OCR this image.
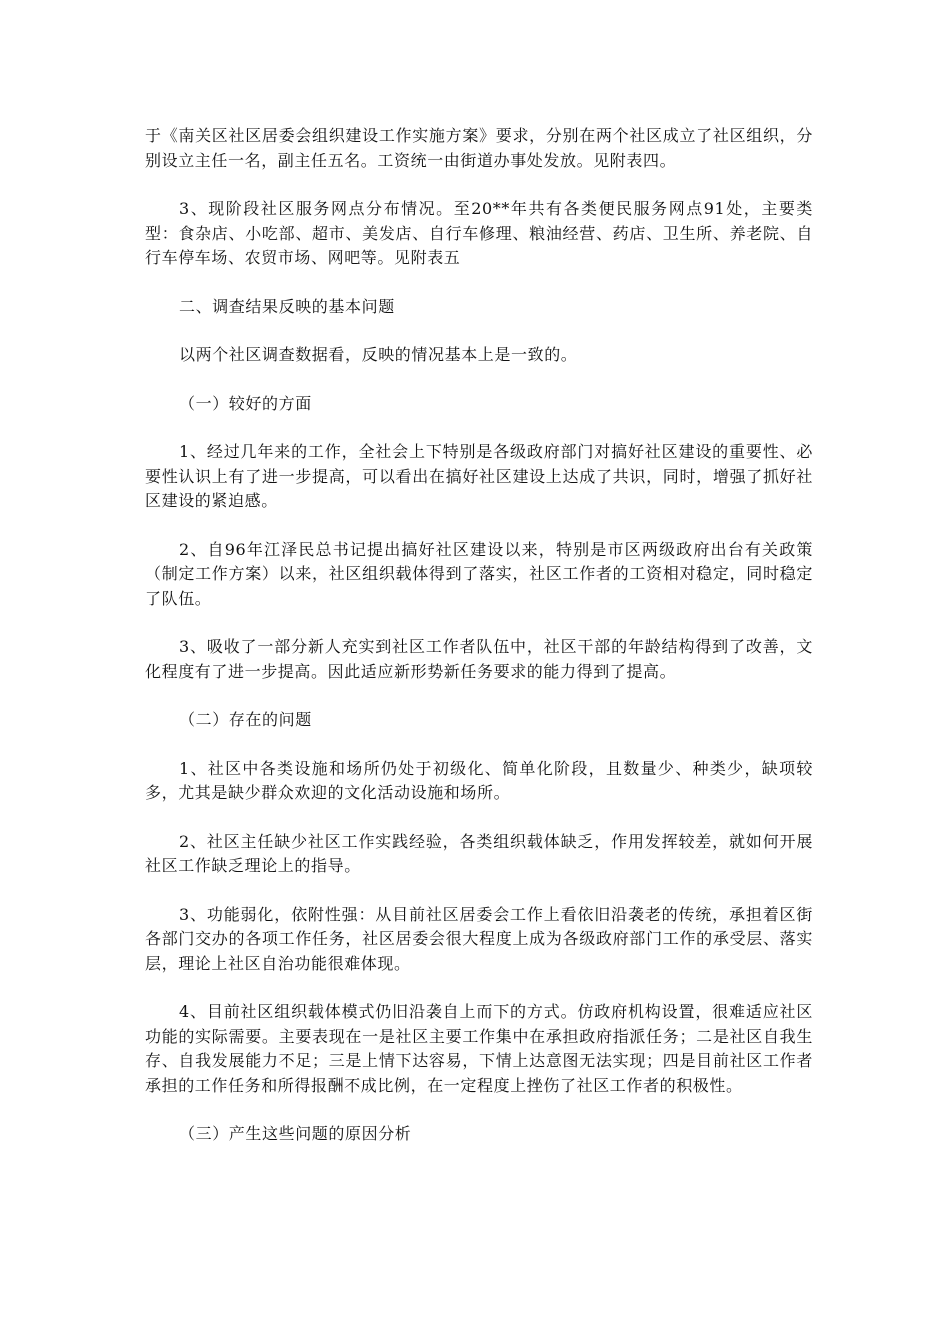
于《南关区社区居委会组织建设工作实施方案》要求，分别在两个社区成立了社区组织，分别设立主任一名，副主任五名。工资统一由街道办事处发放。见附表四。

3、现阶段社区服务网点分布情况。至20**年共有各类便民服务网点91处，主要类型：食杂店、小吃部、超市、美发店、自行车修理、粮油经营、药店、卫生所、养老院、自行车停车场、农贸市场、网吧等。见附表五

二、调查结果反映的基本问题

以两个社区调查数据看，反映的情况基本上是一致的。

（一）较好的方面

1、经过几年来的工作，全社会上下特别是各级政府部门对搞好社区建设的重要性、必要性认识上有了进一步提高，可以看出在搞好社区建设上达成了共识，同时，增强了抓好社区建设的紧迫感。

2、自96年江泽民总书记提出搞好社区建设以来，特别是市区两级政府出台有关政策（制定工作方案）以来，社区组织载体得到了落实，社区工作者的工资相对稳定，同时稳定了队伍。

3、吸收了一部分新人充实到社区工作者队伍中，社区干部的年龄结构得到了改善，文化程度有了进一步提高。因此适应新形势新任务要求的能力得到了提高。

（二）存在的问题

1、社区中各类设施和场所仍处于初级化、简单化阶段，且数量少、种类少，缺项较多，尤其是缺少群众欢迎的文化活动设施和场所。

2、社区主任缺少社区工作实践经验，各类组织载体缺乏，作用发挥较差，就如何开展社区工作缺乏理论上的指导。

3、功能弱化，依附性强：从目前社区居委会工作上看依旧沿袭老的传统，承担着区街各部门交办的各项工作任务，社区居委会很大程度上成为各级政府部门工作的承受层、落实层，理论上社区自治功能很难体现。

4、目前社区组织载体模式仍旧沿袭自上而下的方式。仿政府机构设置，很难适应社区功能的实际需要。主要表现在一是社区主要工作集中在承担政府指派任务；二是社区自我生存、自我发展能力不足；三是上情下达容易，下情上达意图无法实现；四是目前社区工作者承担的工作任务和所得报酬不成比例，在一定程度上挫伤了社区工作者的积极性。

（三）产生这些问题的原因分析
